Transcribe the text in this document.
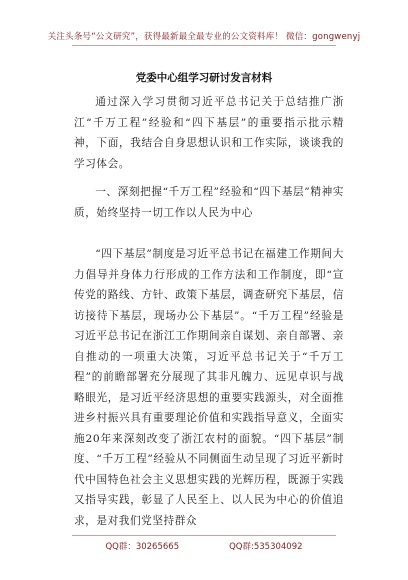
关注头条号“公文研究”，获得最新最全最专业的公文资料库！ 微信：gongwenyj
党委中心组学习研讨发言材料
通过深入学习贯彻习近平总书记关于总结推广浙江“千万工程”经验和“四下基层”的重要指示批示精神，下面，我结合自身思想认识和工作实际，谈谈我的学习体会。
一、深刻把握“千万工程”经验和“四下基层”精神实质，始终坚持一切工作以人民为中心
“四下基层”制度是习近平总书记在福建工作期间大力倡导并身体力行形成的工作方法和工作制度，即“宣传党的路线、方针、政策下基层，调查研究下基层，信访接待下基层，现场办公下基层”。“千万工程”经验是习近平总书记在浙江工作期间亲自谋划、亲自部署、亲自推动的一项重大决策，习近平总书记关于“千万工程”的前瞻部署充分展现了其非凡魄力、远见卓识与战略眼光，是习近平经济思想的重要实践源头，对全面推进乡村振兴具有重要理论价值和实践指导意义，全面实施20年来深刻改变了浙江农村的面貌。“四下基层”制度、“千万工程”经验从不同侧面生动呈现了习近平新时代中国特色社会主义思想实践的光辉历程，既源于实践又指导实践，彰显了人民至上、以人民为中心的价值追求，是对我们党坚持群众
QQ群：30265665	QQ群:535304092
